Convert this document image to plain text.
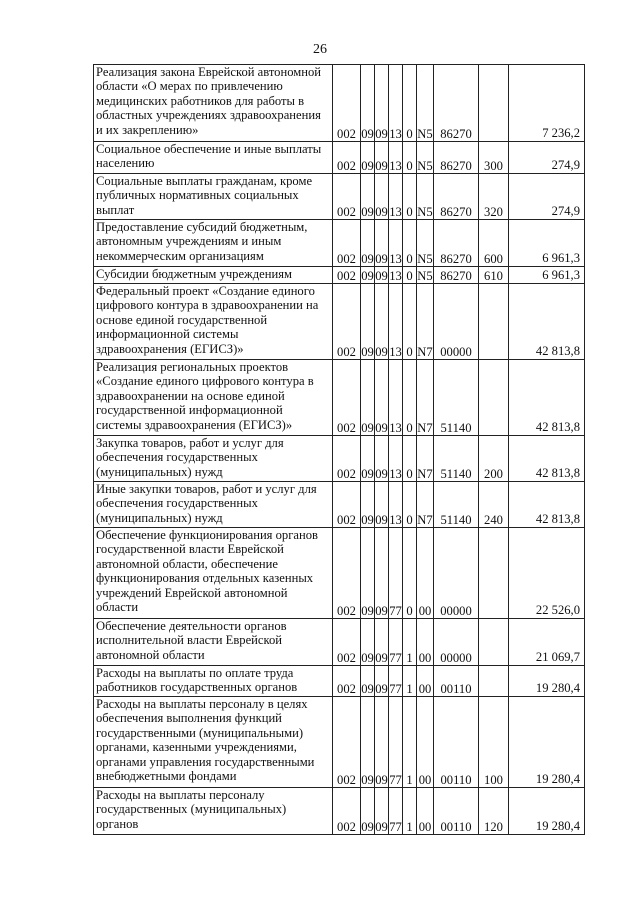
26
Реализация закона Еврейской автономной области «О мерах по привлечению медицинских работников для работы в областных учреждениях здравоохранения и их закреплению»	002	09	09	13	0	N5	86270		7 236,2
Социальное обеспечение и иные выплаты населению	002	09	09	13	0	N5	86270	300	274,9
Социальные выплаты гражданам, кроме публичных нормативных социальных выплат	002	09	09	13	0	N5	86270	320	274,9
Предоставление субсидий бюджетным, автономным учреждениям и иным некоммерческим организациям	002	09	09	13	0	N5	86270	600	6 961,3
Субсидии бюджетным учреждениям	002	09	09	13	0	N5	86270	610	6 961,3
Федеральный проект «Создание единого цифрового контура в здравоохранении на основе единой государственной информационной системы здравоохранения (ЕГИСЗ)»	002	09	09	13	0	N7	00000		42 813,8
Реализация региональных проектов «Создание единого цифрового контура в здравоохранении на основе единой государственной информационной системы здравоохранения (ЕГИСЗ)»	002	09	09	13	0	N7	51140		42 813,8
Закупка товаров, работ и услуг для обеспечения государственных (муниципальных) нужд	002	09	09	13	0	N7	51140	200	42 813,8
Иные закупки товаров, работ и услуг для обеспечения государственных (муниципальных) нужд	002	09	09	13	0	N7	51140	240	42 813,8
Обеспечение функционирования органов государственной власти Еврейской автономной области, обеспечение функционирования отдельных казенных учреждений Еврейской автономной области	002	09	09	77	0	00	00000		22 526,0
Обеспечение деятельности органов исполнительной власти Еврейской автономной области	002	09	09	77	1	00	00000		21 069,7
Расходы на выплаты по оплате труда работников государственных органов	002	09	09	77	1	00	00110		19 280,4
Расходы на выплаты персоналу в целях обеспечения выполнения функций государственными (муниципальными) органами, казенными учреждениями, органами управления государственными внебюджетными фондами	002	09	09	77	1	00	00110	100	19 280,4
Расходы на выплаты персоналу государственных (муниципальных) органов	002	09	09	77	1	00	00110	120	19 280,4
